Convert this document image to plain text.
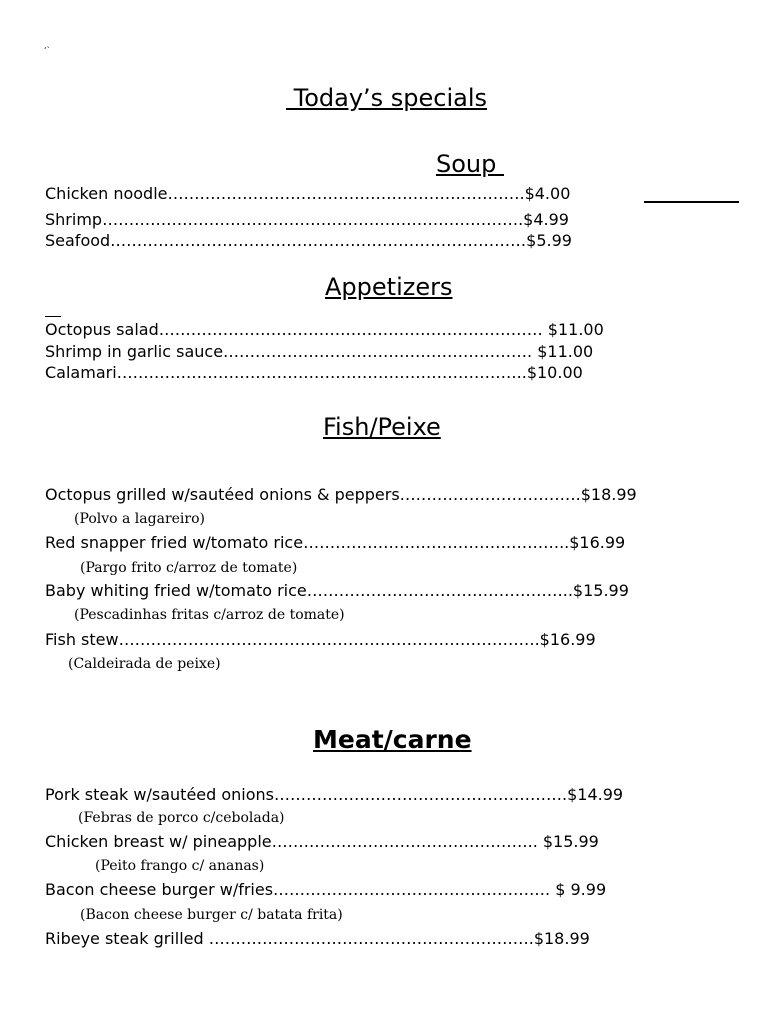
‘`
Today’s specials
Soup
Chicken noodle………………………………………………………….$4.00
Shrimp…………………………………………………………………….$4.99
Seafood……………………………………………………………………$5.99
Appetizers
Octopus salad……………………………………………………………… $11.00
Shrimp in garlic sauce…………………………………………………. $11.00
Calamari…………………………………………………………………..$10.00
Fish/Peixe
Octopus grilled w/sautéed onions & peppers…………………………….$18.99
(Polvo a lagareiro)
Red snapper fried w/tomato rice…………………………………………..$16.99
(Pargo frito c/arroz de tomate)
Baby whiting fried w/tomato rice…………………………………………..$15.99
(Pescadinhas fritas c/arroz de tomate)
Fish stew…………………………………………………………………….$16.99
(Caldeirada de peixe)
Meat/carne
Pork steak w/sautéed onions……………………………………………….$14.99
(Febras de porco c/cebolada)
Chicken breast w/ pineapple………………………………………….. $15.99
(Peito frango c/ ananas)
Bacon cheese burger w/fries……………………………………………. $ 9.99
(Bacon cheese burger c/ batata frita)
Ribeye steak grilled …………………………………………………….$18.99
